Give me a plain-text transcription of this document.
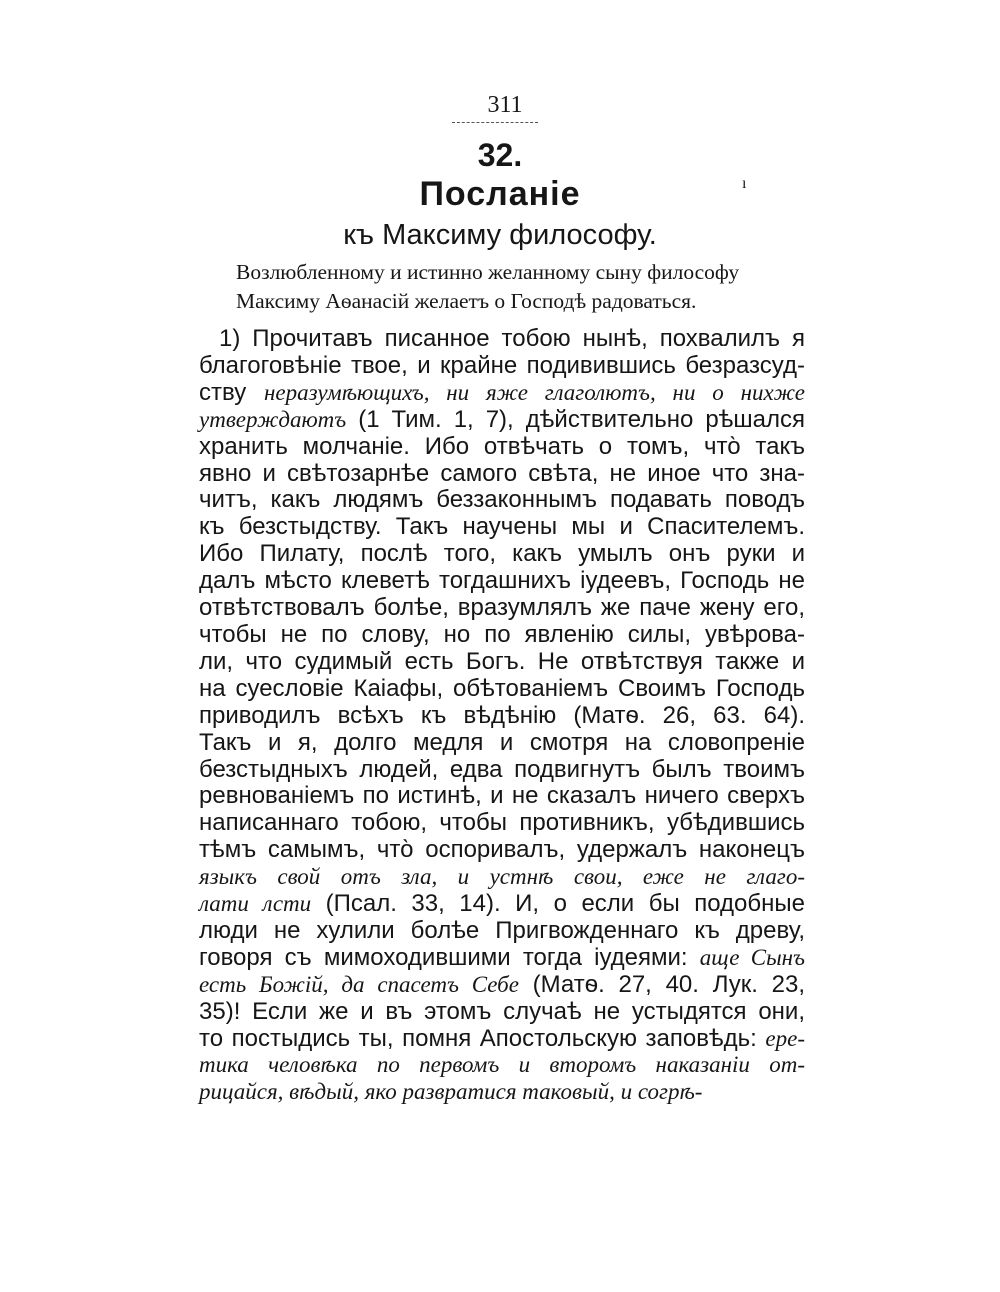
311
32.
ı
Посланіе
къ Максиму философу.
Возлюбленному и истинно желанному сыну философу
Максиму Аѳанасій желаетъ о Господѣ радоваться.
1) Прочитавъ писанное тобою нынѣ, похвалилъ я
благоговѣніе твое, и крайне подивившись безразсуд-
ству неразумѣющихъ, ни яже глаголютъ, ни о нихже
утверждаютъ (1 Тим. 1, 7), дѣйствительно рѣшался
хранить молчаніе. Ибо отвѣчать о томъ, что̀ такъ
явно и свѣтозарнѣе самого свѣта, не иное что зна-
читъ, какъ людямъ беззаконнымъ подавать поводъ
къ безстыдству. Такъ научены мы и Спасителемъ.
Ибо Пилату, послѣ того, какъ умылъ онъ руки и
далъ мѣсто клеветѣ тогдашнихъ іудеевъ, Господь не
отвѣтствовалъ болѣе, вразумлялъ же паче жену его,
чтобы не по слову, но по явленію силы, увѣрова-
ли, что судимый есть Богъ. Не отвѣтствуя также и
на суесловіе Каіафы, обѣтованіемъ Своимъ Господь
приводилъ всѣхъ къ вѣдѣнію (Матѳ. 26, 63. 64).
Такъ и я, долго медля и смотря на словопреніе
безстыдныхъ людей, едва подвигнутъ былъ твоимъ
ревнованіемъ по истинѣ, и не сказалъ ничего сверхъ
написаннаго тобою, чтобы противникъ, убѣдившись
тѣмъ самымъ, что̀ оспоривалъ, удержалъ наконецъ
языкъ свой отъ зла, и устнѣ свои, еже не глаго-
лати лсти (Псал. 33, 14). И, о если бы подобные
люди не хулили болѣе Пригвожденнаго къ древу,
говоря съ мимоходившими тогда іудеями: аще Сынъ
есть Божій, да спасетъ Себе (Матѳ. 27, 40. Лук. 23,
35)! Если же и въ этомъ случаѣ не устыдятся они,
то постыдись ты, помня Апостольскую заповѣдь: ере-
тика человѣка по первомъ и второмъ наказаніи от-
рицайся, вѣдый, яко развратися таковый, и согрѣ-
